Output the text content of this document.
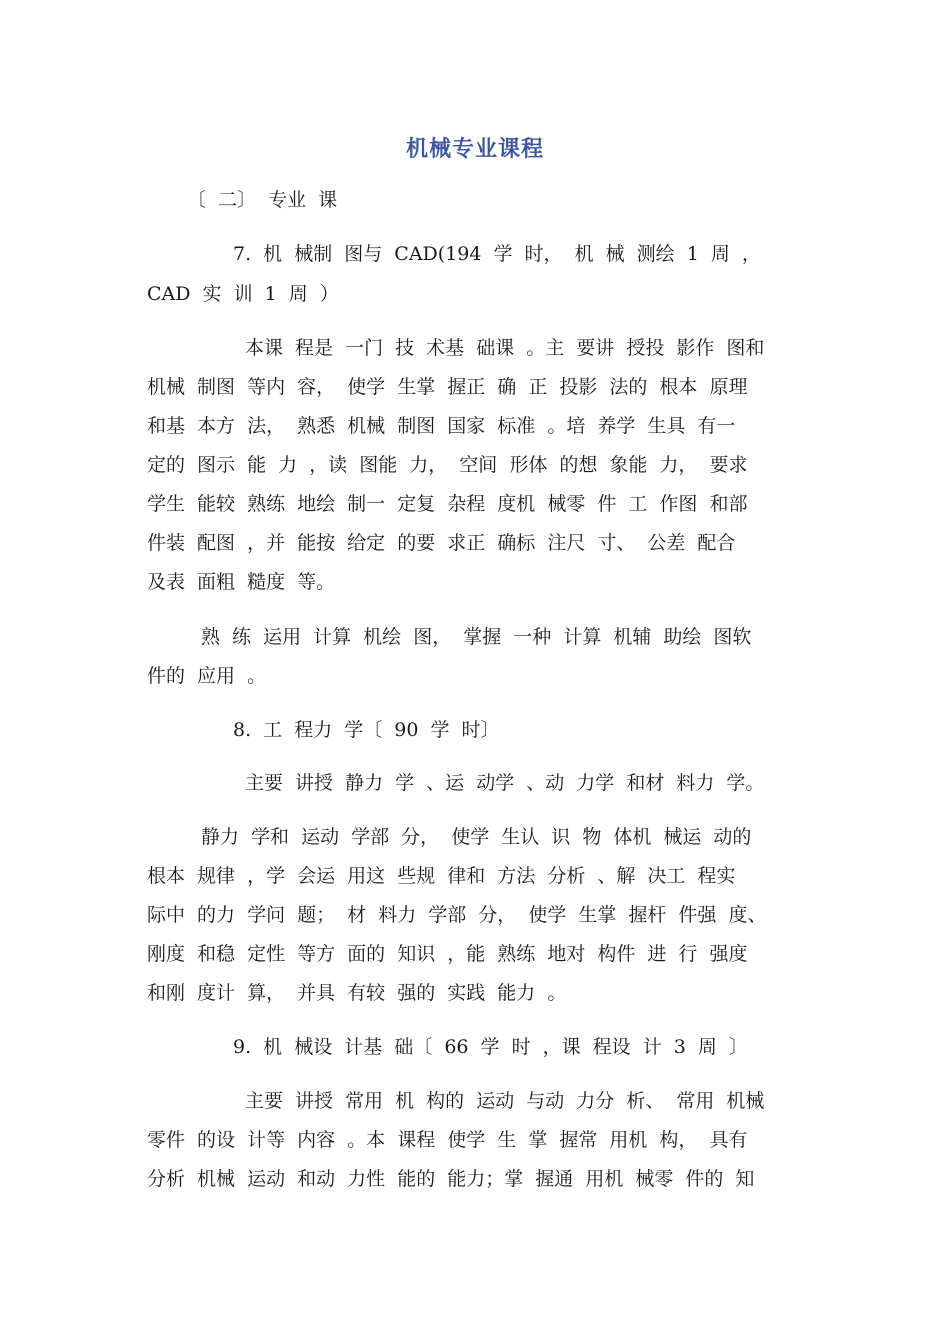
机械专业课程
〔 二〕 专业 课
7. 机 械制 图与 CAD(194 学 时， 机 械 测绘 1 周 ，
CAD 实 训 1 周 ）
本课 程是 一门 技 术基 础课 。主 要讲 授投 影作 图和
机械 制图 等内 容， 使学 生掌 握正 确 正 投影 法的 根本 原理
和基 本方 法， 熟悉 机械 制图 国家 标准 。培 养学 生具 有一
定的 图示 能 力 ，读 图能 力， 空间 形体 的想 象能 力， 要求
学生 能较 熟练 地绘 制一 定复 杂程 度机 械零 件 工 作图 和部
件装 配图 ，并 能按 给定 的要 求正 确标 注尺 寸、 公差 配合
及表 面粗 糙度 等。
熟 练 运用 计算 机绘 图， 掌握 一种 计算 机辅 助绘 图软
件的 应用 。
8. 工 程力 学〔 90 学 时〕
主要 讲授 静力 学 、运 动学 、动 力学 和材 料力 学。
静力 学和 运动 学部 分， 使学 生认 识 物 体机 械运 动的
根本 规律 ，学 会运 用这 些规 律和 方法 分析 、解 决工 程实
际中 的力 学问 题； 材 料力 学部 分， 使学 生掌 握杆 件强 度、
刚度 和稳 定性 等方 面的 知识 ，能 熟练 地对 构件 进 行 强度
和刚 度计 算， 并具 有较 强的 实践 能力 。
9. 机 械设 计基 础〔 66 学 时 ，课 程设 计 3 周 〕
主要 讲授 常用 机 构的 运动 与动 力分 析、 常用 机械
零件 的设 计等 内容 。本 课程 使学 生 掌 握常 用机 构， 具有
分析 机械 运动 和动 力性 能的 能力；掌 握通 用机 械零 件的 知
